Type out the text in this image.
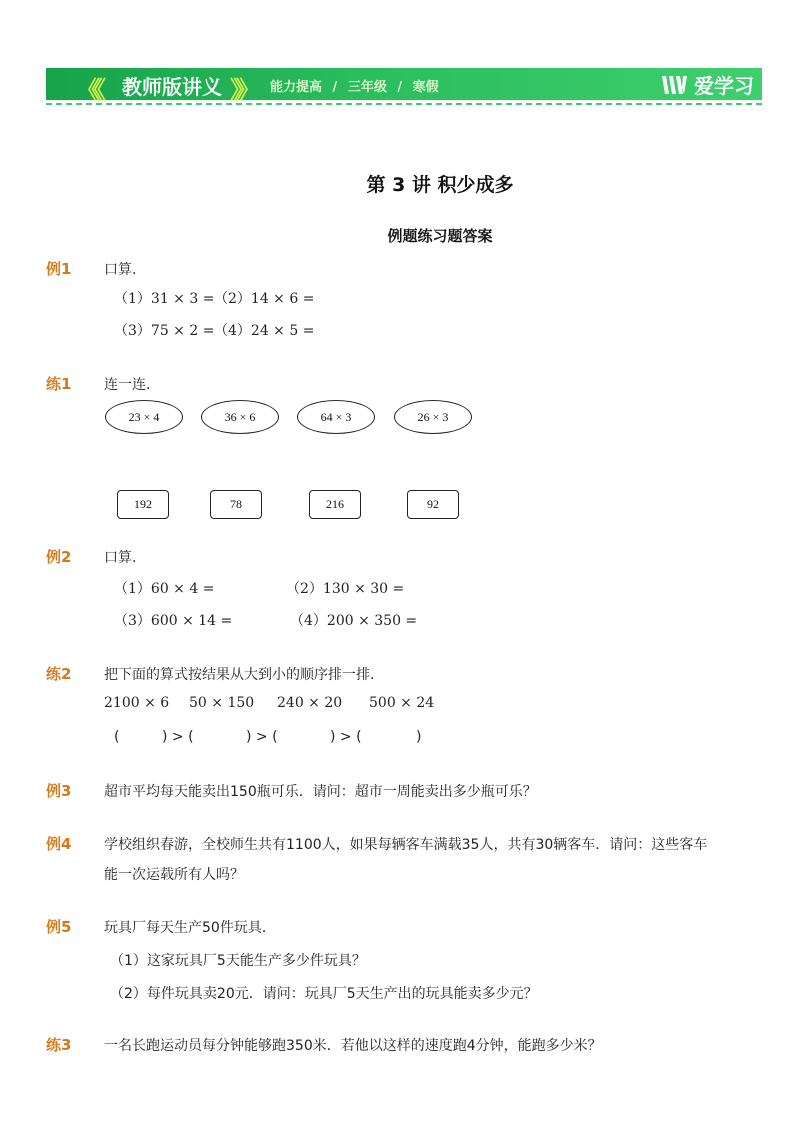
《《 教师版讲义 》》 能力提高 / 三年级 / 寒假	爱学习
第 3 讲 积少成多
例题练习题答案
例1 口算.
（1）31 × 3 = （2）14 × 6 =
（3）75 × 2 = （4）24 × 5 =
练1 连一连.
23 × 4	36 × 6	64 × 3	26 × 3
192	78	216	92
例2 口算.
（1）60 × 4 =	（2）130 × 30 =
（3）600 × 14 =	（4）200 × 350 =
练2 把下面的算式按结果从大到小的顺序排一排.
2100 × 6 50 × 150 240 × 20 500 × 24
(	) > (	) > (	) > (	)
例3 超市平均每天能卖出150瓶可乐．请问：超市一周能卖出多少瓶可乐？
例4 学校组织春游，全校师生共有1100人，如果每辆客车满载35人，共有30辆客车．请问：这些客车
能一次运载所有人吗？
例5 玩具厂每天生产50件玩具．
（1）这家玩具厂5天能生产多少件玩具？
（2）每件玩具卖20元．请问：玩具厂5天生产出的玩具能卖多少元？
练3 一名长跑运动员每分钟能够跑350米．若他以这样的速度跑4分钟，能跑多少米？
